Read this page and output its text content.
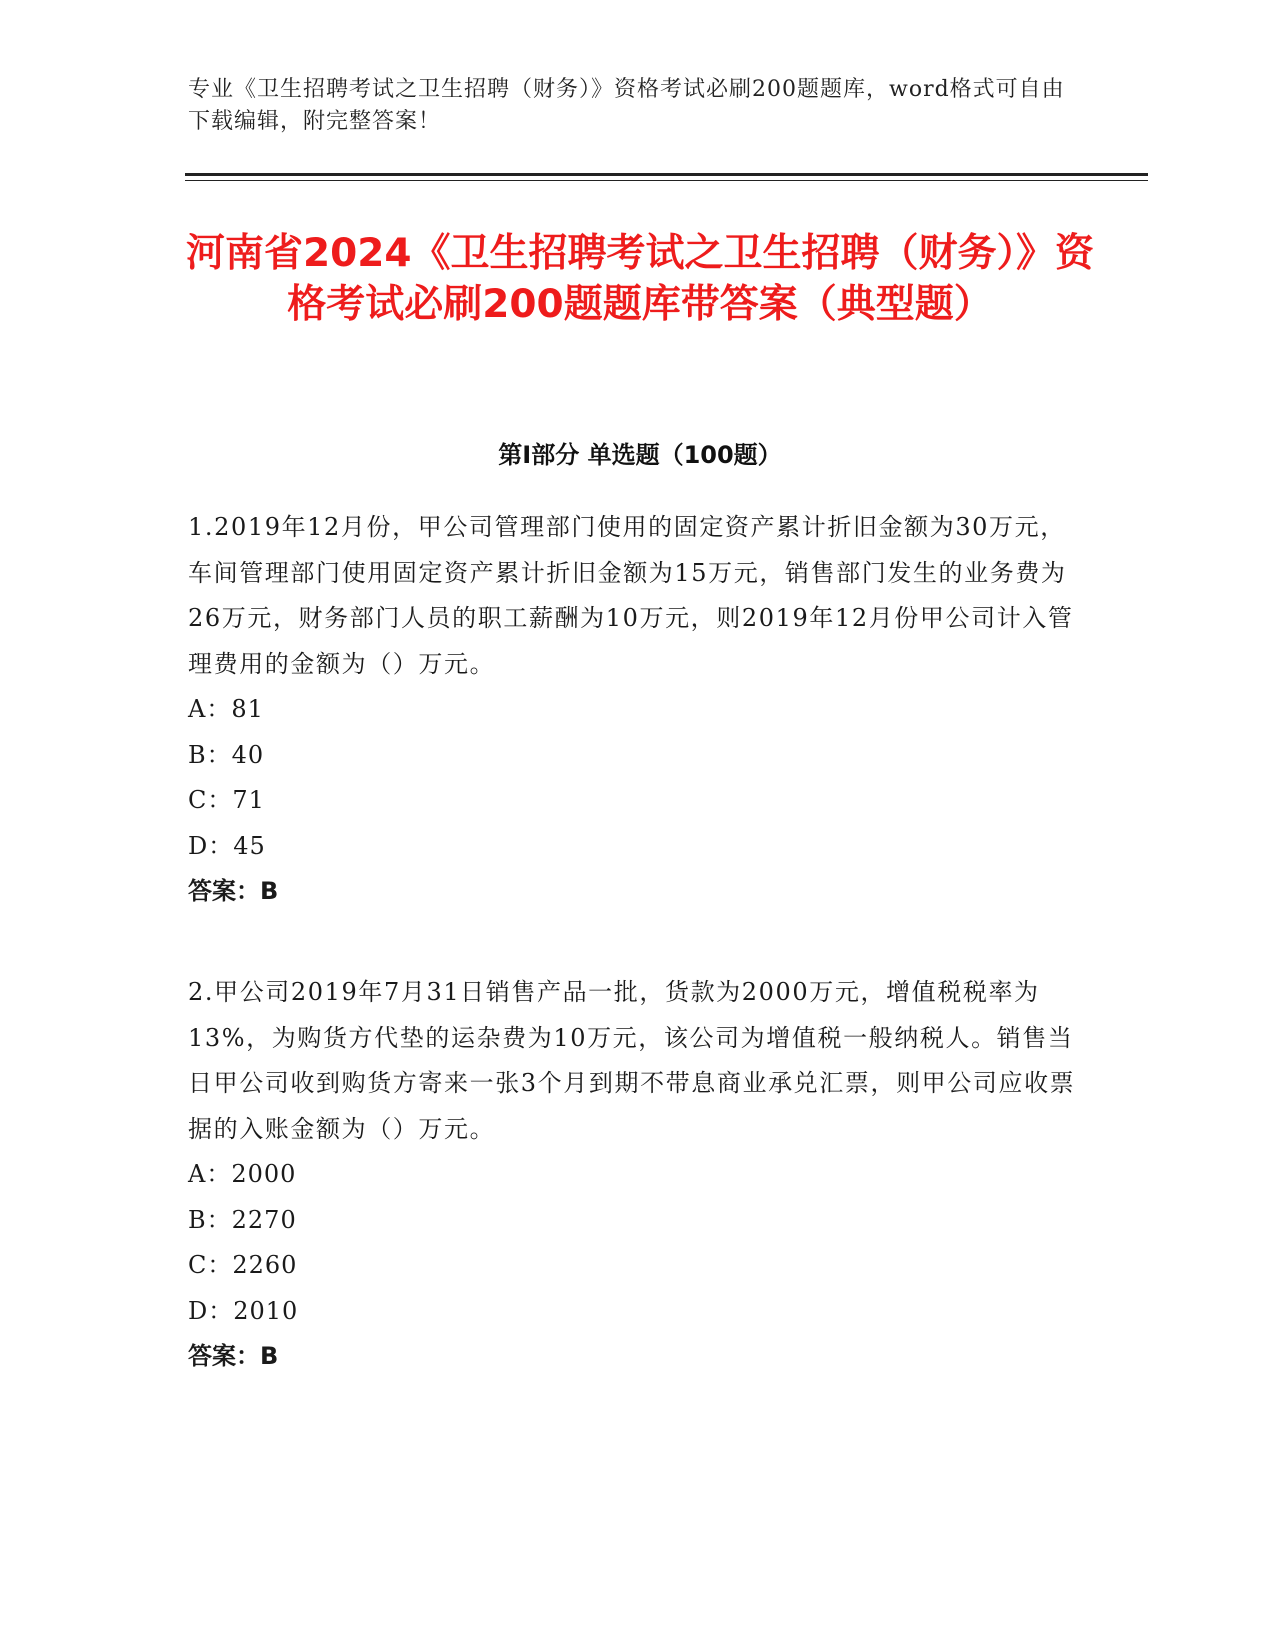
专业《卫生招聘考试之卫生招聘（财务）》资格考试必刷200题题库，word格式可自由下载编辑，附完整答案！
河南省2024《卫生招聘考试之卫生招聘（财务）》资格考试必刷200题题库带答案（典型题）
第I部分 单选题（100题）

1.2019年12月份，甲公司管理部门使用的固定资产累计折旧金额为30万元，车间管理部门使用固定资产累计折旧金额为15万元，销售部门发生的业务费为26万元，财务部门人员的职工薪酬为10万元，则2019年12月份甲公司计入管理费用的金额为（）万元。

A：81

B：40

C：71

D：45

答案：B

2.甲公司2019年7月31日销售产品一批，货款为2000万元，增值税税率为13%，为购货方代垫的运杂费为10万元，该公司为增值税一般纳税人。销售当日甲公司收到购货方寄来一张3个月到期不带息商业承兑汇票，则甲公司应收票据的入账金额为（）万元。

A：2000

B：2270

C：2260

D：2010

答案：B
